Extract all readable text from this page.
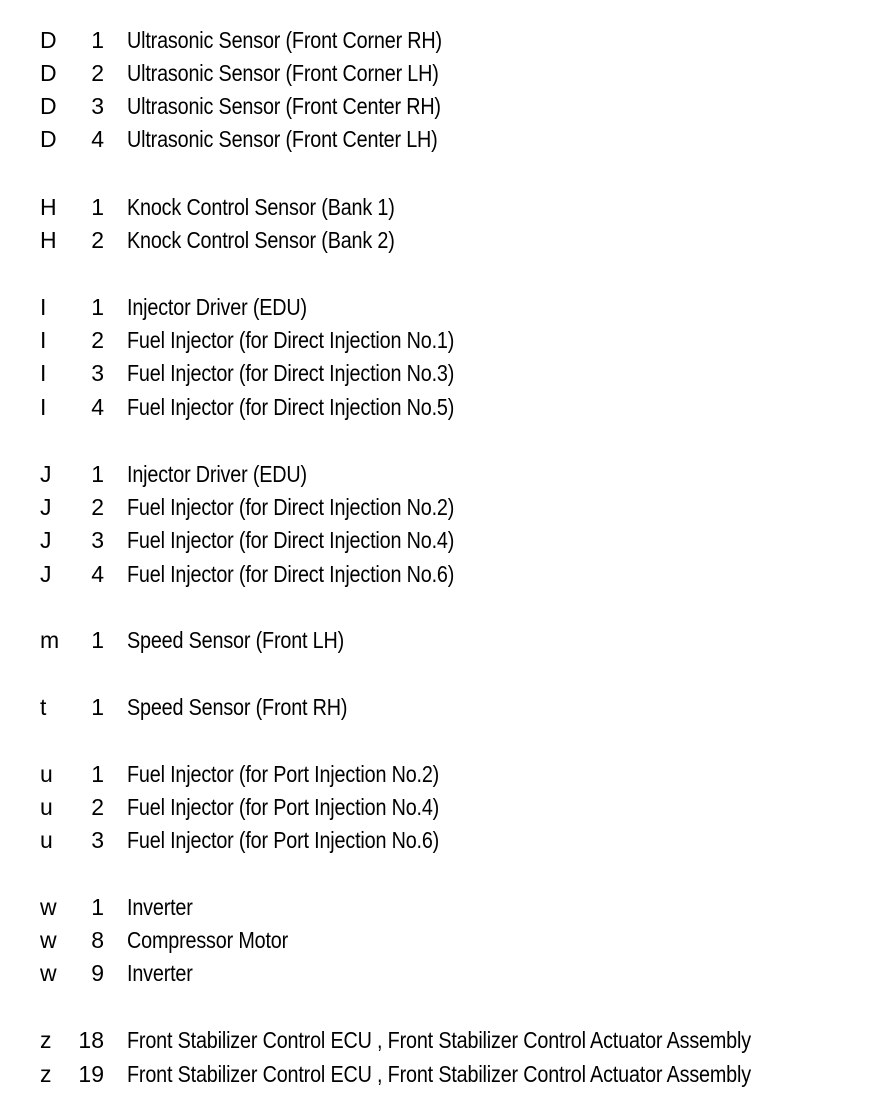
D	1 Ultrasonic Sensor (Front Corner RH)
D	2 Ultrasonic Sensor (Front Corner LH)
D	3 Ultrasonic Sensor (Front Center RH)
D	4 Ultrasonic Sensor (Front Center LH)
H	1 Knock Control Sensor (Bank 1)
H	2 Knock Control Sensor (Bank 2)
I	1 Injector Driver (EDU)
I	2 Fuel Injector (for Direct Injection No.1)
I	3 Fuel Injector (for Direct Injection No.3)
I	4 Fuel Injector (for Direct Injection No.5)
J	1 Injector Driver (EDU)
J	2 Fuel Injector (for Direct Injection No.2)
J	3 Fuel Injector (for Direct Injection No.4)
J	4 Fuel Injector (for Direct Injection No.6)
m	1 Speed Sensor (Front LH)
t	1 Speed Sensor (Front RH)
u	1 Fuel Injector (for Port Injection No.2)
u	2 Fuel Injector (for Port Injection No.4)
u	3 Fuel Injector (for Port Injection No.6)
w	1 Inverter
w	8 Compressor Motor
w	9 Inverter
z	18 Front Stabilizer Control ECU , Front Stabilizer Control Actuator Assembly
z	19 Front Stabilizer Control ECU , Front Stabilizer Control Actuator Assembly
